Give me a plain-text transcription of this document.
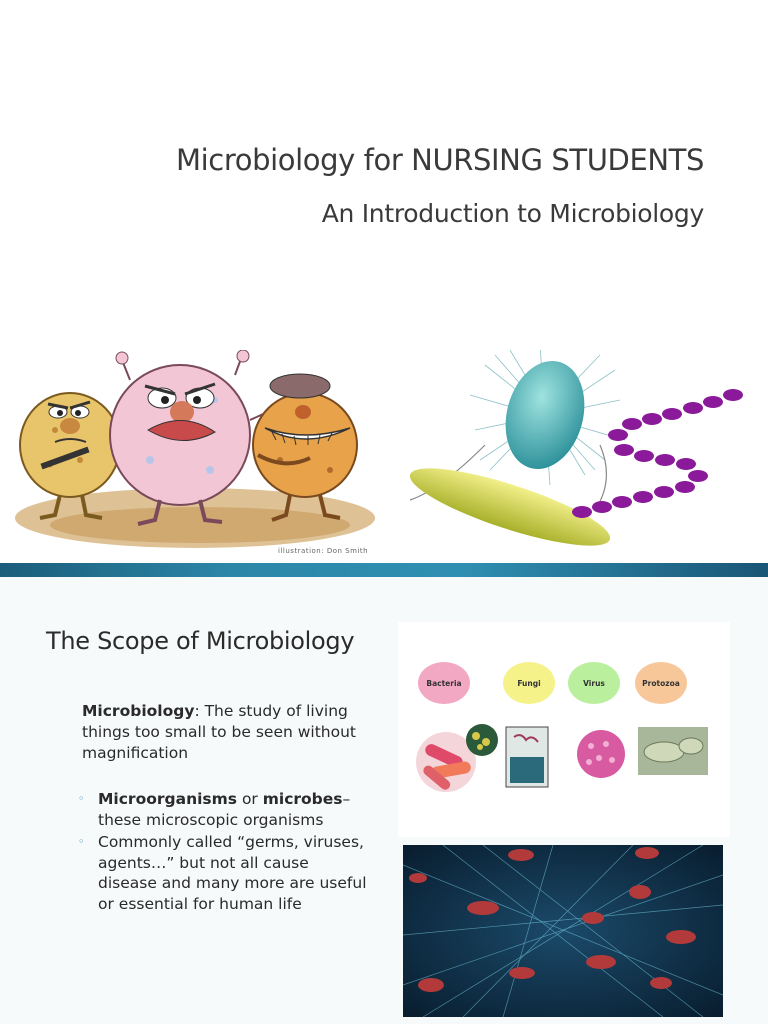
Microbiology for NURSING STUDENTS
An Introduction to Microbiology
illustration: Don Smith
The Scope of Microbiology
Microbiology: The study of living things too small to be seen without magnification
◦ Microorganisms or microbes– these microscopic organisms
◦ Commonly called “germs, viruses, agents…” but not all cause disease and many more are useful or essential for human life
Bacteria	Fungi	Virus	Protozoa
